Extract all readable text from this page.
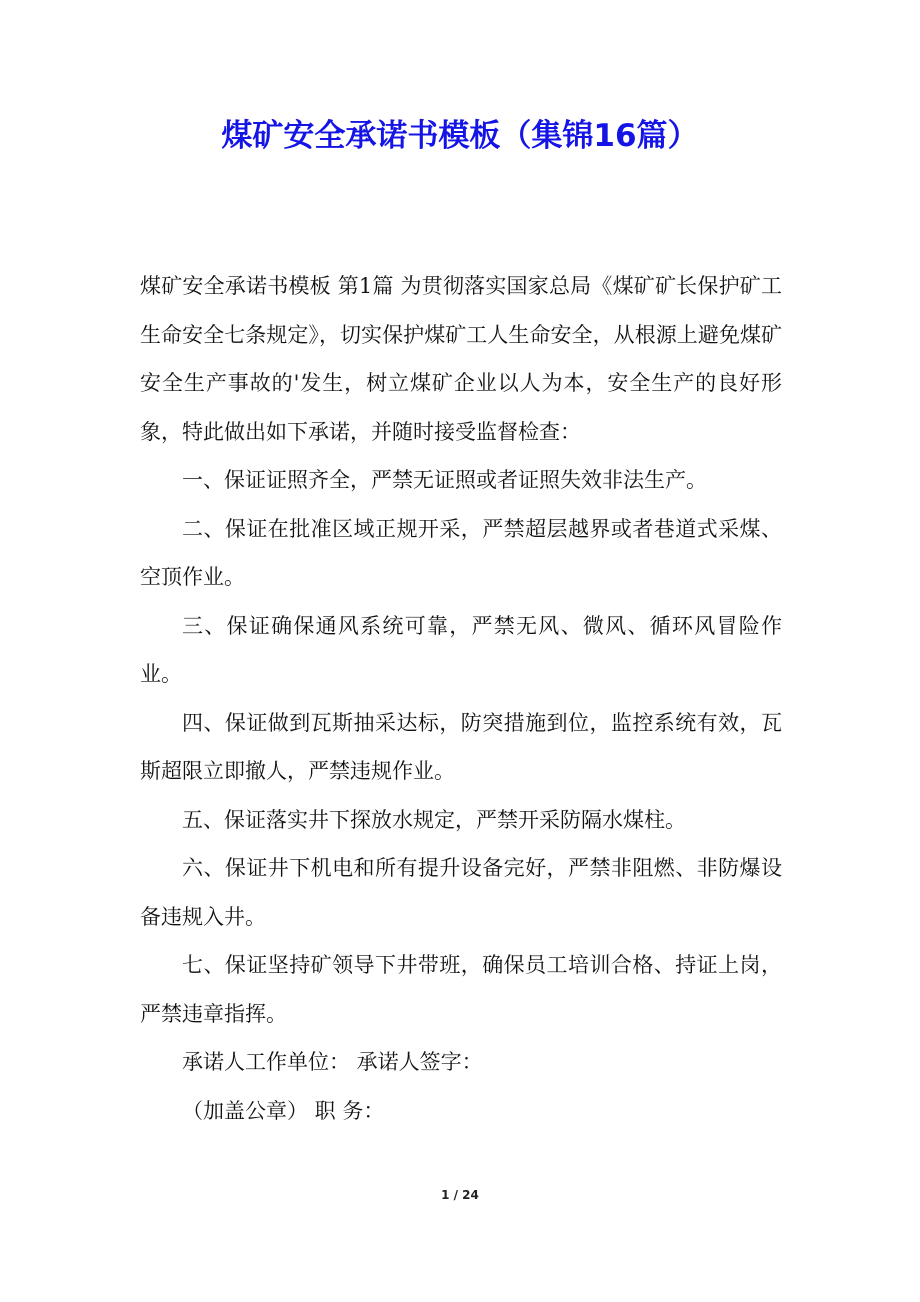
煤矿安全承诺书模板（集锦16篇）

煤矿安全承诺书模板 第1篇 为贯彻落实国家总局《煤矿矿长保护矿工生命安全七条规定》，切实保护煤矿工人生命安全，从根源上避免煤矿安全生产事故的'发生，树立煤矿企业以人为本，安全生产的良好形象，特此做出如下承诺，并随时接受监督检查：

一、保证证照齐全，严禁无证照或者证照失效非法生产。

二、保证在批准区域正规开采，严禁超层越界或者巷道式采煤、空顶作业。

三、保证确保通风系统可靠，严禁无风、微风、循环风冒险作业。

四、保证做到瓦斯抽采达标，防突措施到位，监控系统有效，瓦斯超限立即撤人，严禁违规作业。

五、保证落实井下探放水规定，严禁开采防隔水煤柱。

六、保证井下机电和所有提升设备完好，严禁非阻燃、非防爆设备违规入井。

七、保证坚持矿领导下井带班，确保员工培训合格、持证上岗，严禁违章指挥。

承诺人工作单位： 承诺人签字：

（加盖公章） 职 务：

1 / 24
